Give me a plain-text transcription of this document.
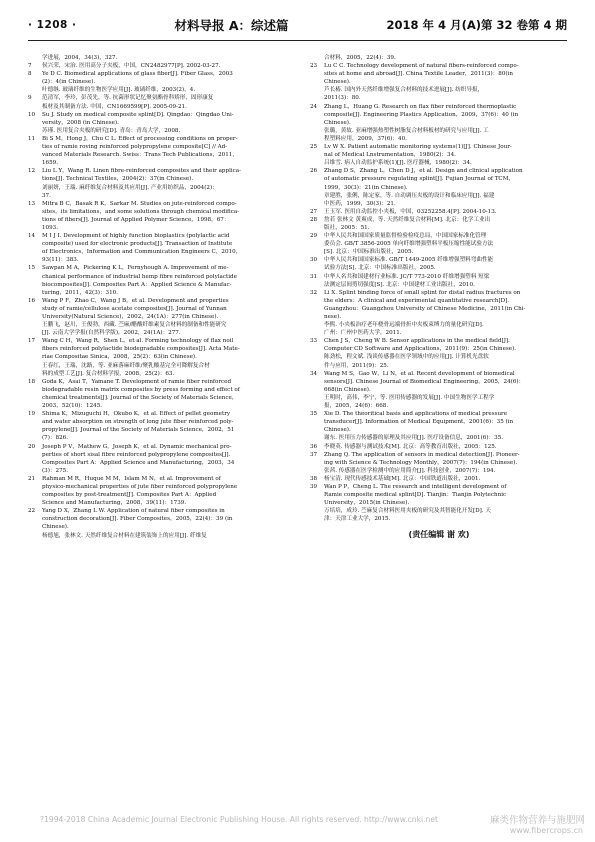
· 1208 ·	材料导报 A：综述篇	2018 年 4 月(A)第 32 卷第 4 期
学进展，2004，34(3)，327.
7	侯兴荣，宋治. 医用高分子夹板，中国，CN2482977[P]. 2002-03-27.
8	Ye D C. Biomedical applications of glass fiber[J]. Fiber Glass，2003
(2)：4(in Chinese).
叶德继. 玻璃纤维的生物医学应用[J]. 玻璃纤维，2003(2)，4.
9	范清军，李玲，彭茂先，等. 抗菌形状记忆聚氨酯骨科矫形、固形康复
板材及其制备方法. 中国，CN1669599[P]. 2005-09-21.
10	Su J. Study on medical composite splint[D]. Qingdao：Qingdao Uni-
versity，2008 (in Chinese).
苏瑾. 医用复合夹板的研究[D]. 青岛：青岛大学，2008.
11	Bi S M，Hong J，Chu C L. Effect of processing conditions on proper-
ties of ramie roving reinforced polypropylene composite[C] // Ad-
vanced Materials Research. Swiss：Trans Tech Publications，2011，
1659.
12	Liu L Y，Wang R. Linen fibre-reinforced composites and their applica-
tions[J]. Technical Textiles，2004(2)：37(in Chinese).
刘丽妍，王瑞. 麻纤维复合材料及其应用[J]. 产业用纺织品，2004(2)：
37.
13	Mitra B C，Basak R K，Sarkar M. Studies on jute-reinforced compo-
sites，its limitations，and some solutions through chemical modifica-
tions of fibers[J]. Journal of Applied Polymer Science，1998，67：
1093.
14	M I J I. Development of highly function bioplastics (polylactic acid
composite) used for electronic products[J]. Transaction of Institute
of Electronics，Information and Communication Engineers C，2010，
93(11)：383.
15	Sawpan M A，Pickering K L，Fernyhough A. Improvement of me-
chanical performance of industrial hemp fibre reinforced polylactide
biocomposites[J]. Composites Part A：Applied Science & Manufac-
turing，2011，42(3)：310.
16	Wang P F，Zhao C，Wang J B，et al. Development and properties
study of ramie/cellulose acetate composites[J]. Journal of Yunnan
University(Natural Science)，2002，24(1A)：277(in Chinese).
王鹏飞，赵川，王俊勃，西藏. 苎麻/醋酸纤维素复合材料的制备和性能研究
[J]. 云南大学学报(自然科学版)，2002，24(1A)：277.
17	Wang C H，Wang R，Shen L，et al. Forming technology of flax noil
fibers reinforced polylactide biodegradable composites[J]. Acta Mate-
riae Compositae Sinica，2008，25(2)：63(in Chinese).
王春红，王瑞，沈路，等. 亚麻落麻纤维/聚乳酸基完全可降解复合材
料的成型工艺[J]. 复合材料学报，2008，25(2)：63.
18	Goda K，Asai T，Yamane T. Development of ramie fiber reinforced
biodegradable resin matrix composites by press forming and effect of
chemical treatments[J]. Journal of the Society of Materials Science，
2003，52(10)：1245.
19	Shima K，Mizuguchi H，Okubo K，et al. Effect of pellet geometry
and water absorption on strength of long jute fiber reinforced poly-
propylene[J]. Journal of the Society of Materials Science，2002，51
(7)：826.
20	Joseph P V，Mathew G，Joseph K，et al. Dynamic mechanical pro-
perties of short sisal fibre reinforced polypropylene composites[J].
Composites Part A：Applied Science and Manufacturing，2003，34
(3)：275.
21	Rahman M R，Huque M M，Islam M N，et al. Improvement of
physico-mechanical properties of jute fiber reinforced polypropylene
composites by post-treatment[J]. Composites Part A：Applied
Science and Manufacturing，2008，39(11)：1739.
22	Yang D X，Zhang L W. Application of natural fiber composites in
construction decoration[J]. Fiber Composites，2005，22(4)：39 (in
Chinese).
杨德旭，张林文. 天然纤维复合材料在建筑装饰上的应用[J]. 纤维复
合材料，2005，22(4)：39.
23	Lu C C. Technology development of natural fibers-reinforced compo-
sites at home and abroad[J]. China Textile Leader，2011(3)：80(in
Chinese).
芦长椿. 国内外天然纤维增强复合材料的技术进展[J]. 纺织导报，
2011(3)：80.
24	Zhang L，Huang G. Research on flax fiber reinforced thermoplastic
composite[J]. Engineering Plastics Application，2009，37(6)：40 (in
Chinese).
张璐，黄故. 亚麻增强热塑性树脂复合材料板材的研究与应用[J]. 工
程塑料应用，2009，37(6)：40.
25	Lv W X. Patient automatic monitoring systems(1)[J]. Chinese Jour-
nal of Medical Lnstrumentation，1980(2)：34.
吕维雪. 病人自动监护系统(1)[J]. 医疗器械，1980(2)：34.
26	Zhang D S，Zhang L，Chen D J，et al. Design and clinical application
of automatic pressure regulating splint[J]. Fujian Journal of TCM，
1999，30(3)：21(in Chinese).
章建胜，张俐，陈定家，等. 自动调压夹板的设计和临床应用[J]. 福建
中医药，1999，30(3)：21.
27	王玉军. 医用自动监控小夹板，中国，03252258.4[P]. 2004-10-13.
28	詹若 张林文 黄爽成，等. 天然纤维复合材料[M]. 北京：化学工业出
版社，2005：51.
29	中华人民共和国国家质量监督检验检疫总局，中国国家标准化管理
委员会. GB/T 3856-2005 单向纤维增强塑料平板压缩性能试验方法
[S]. 北京：中国标准出版社，2005.
30	中华人民共和国国家标准. GB/T 1449-2005 纤维增强塑料弯曲性能
试验方法[S]. 北京：中国标准出版社，2005.
31	中华人名共和国建材行业标准. JC/T 773-2010 纤维增强塑料 短梁
法测定层间剪切强度[S]. 北京：中国建材工业出版社，2010.
32	Li X. Splint binding force of small splint for distal radius fractures on
the elders：A clinical and experimental quantitative research[D].
Guangzhou：Guangzhou University of Chinese Medicine，2011(in Chi-
nese).
李熙. 小夹板治疗老年桡骨远端骨折中夹板束缚力的量化研究[D].
广州：广州中医药大学，2011.
33	Chen J S，Cheng W B. Sensor applications in the medical field[J].
Computer CD Software and Applications，2011(9)：25(in Chinese).
陈劲松，程文斌. 浅谈传感器在医学领域中的应用[J]. 计算机光盘软
件与应用，2011(9)：25.
34	Wang M S，Gao W，Li N，et al. Recent development of biomedical
sensors[J]. Chinese Journal of Biomedical Engineering，2005，24(6)：
668(in Chinese).
王明时，高伟，李宁，等. 医用传感器的发展[J]. 中国生物医学工程学
报，2005，24(6)：668.
35	Xie D. The theoritical basis and applications of medical pressure
transducer[J]. Information of Medical Equipment，2001(6)：35 (in
Chinese).
谢东. 医用压力传感器的原理及其应用[J]. 医疗设备信息，2001(6)：35.
36	李晓英. 传感器与测试技术[M]. 北京：高等教育出版社，2005：125.
37	Zhang Q. The application of sensors in medical detection[J]. Pioneer-
ing with Science & Technology Monthly，2007(7)：194(in Chinese).
张茜. 传感器在医学检测中的应用简介[J]. 科技创业，2007(7)：194.
38	杨宝清. 现代传感技术基础[M]. 北京：中国铁道出版社，2001.
39	Wan P P，Cheng L. The research and intelligent development of
Ramie composite medical splint[D]. Tianjin：Tianjin Polytechnic
University，2015(in Chinese).
万培培，成玲. 苎麻复合材料医用夹板的研究及其智能化开发[D]. 天
津：天津工业大学，2015.
(责任编辑 谢 欢)
?1994-2018 China Academic Journal Electronic Publishing House. All rights reserved. http://www.cnki.net	麻类作物营养与施肥网
www.fibercrops.cn
